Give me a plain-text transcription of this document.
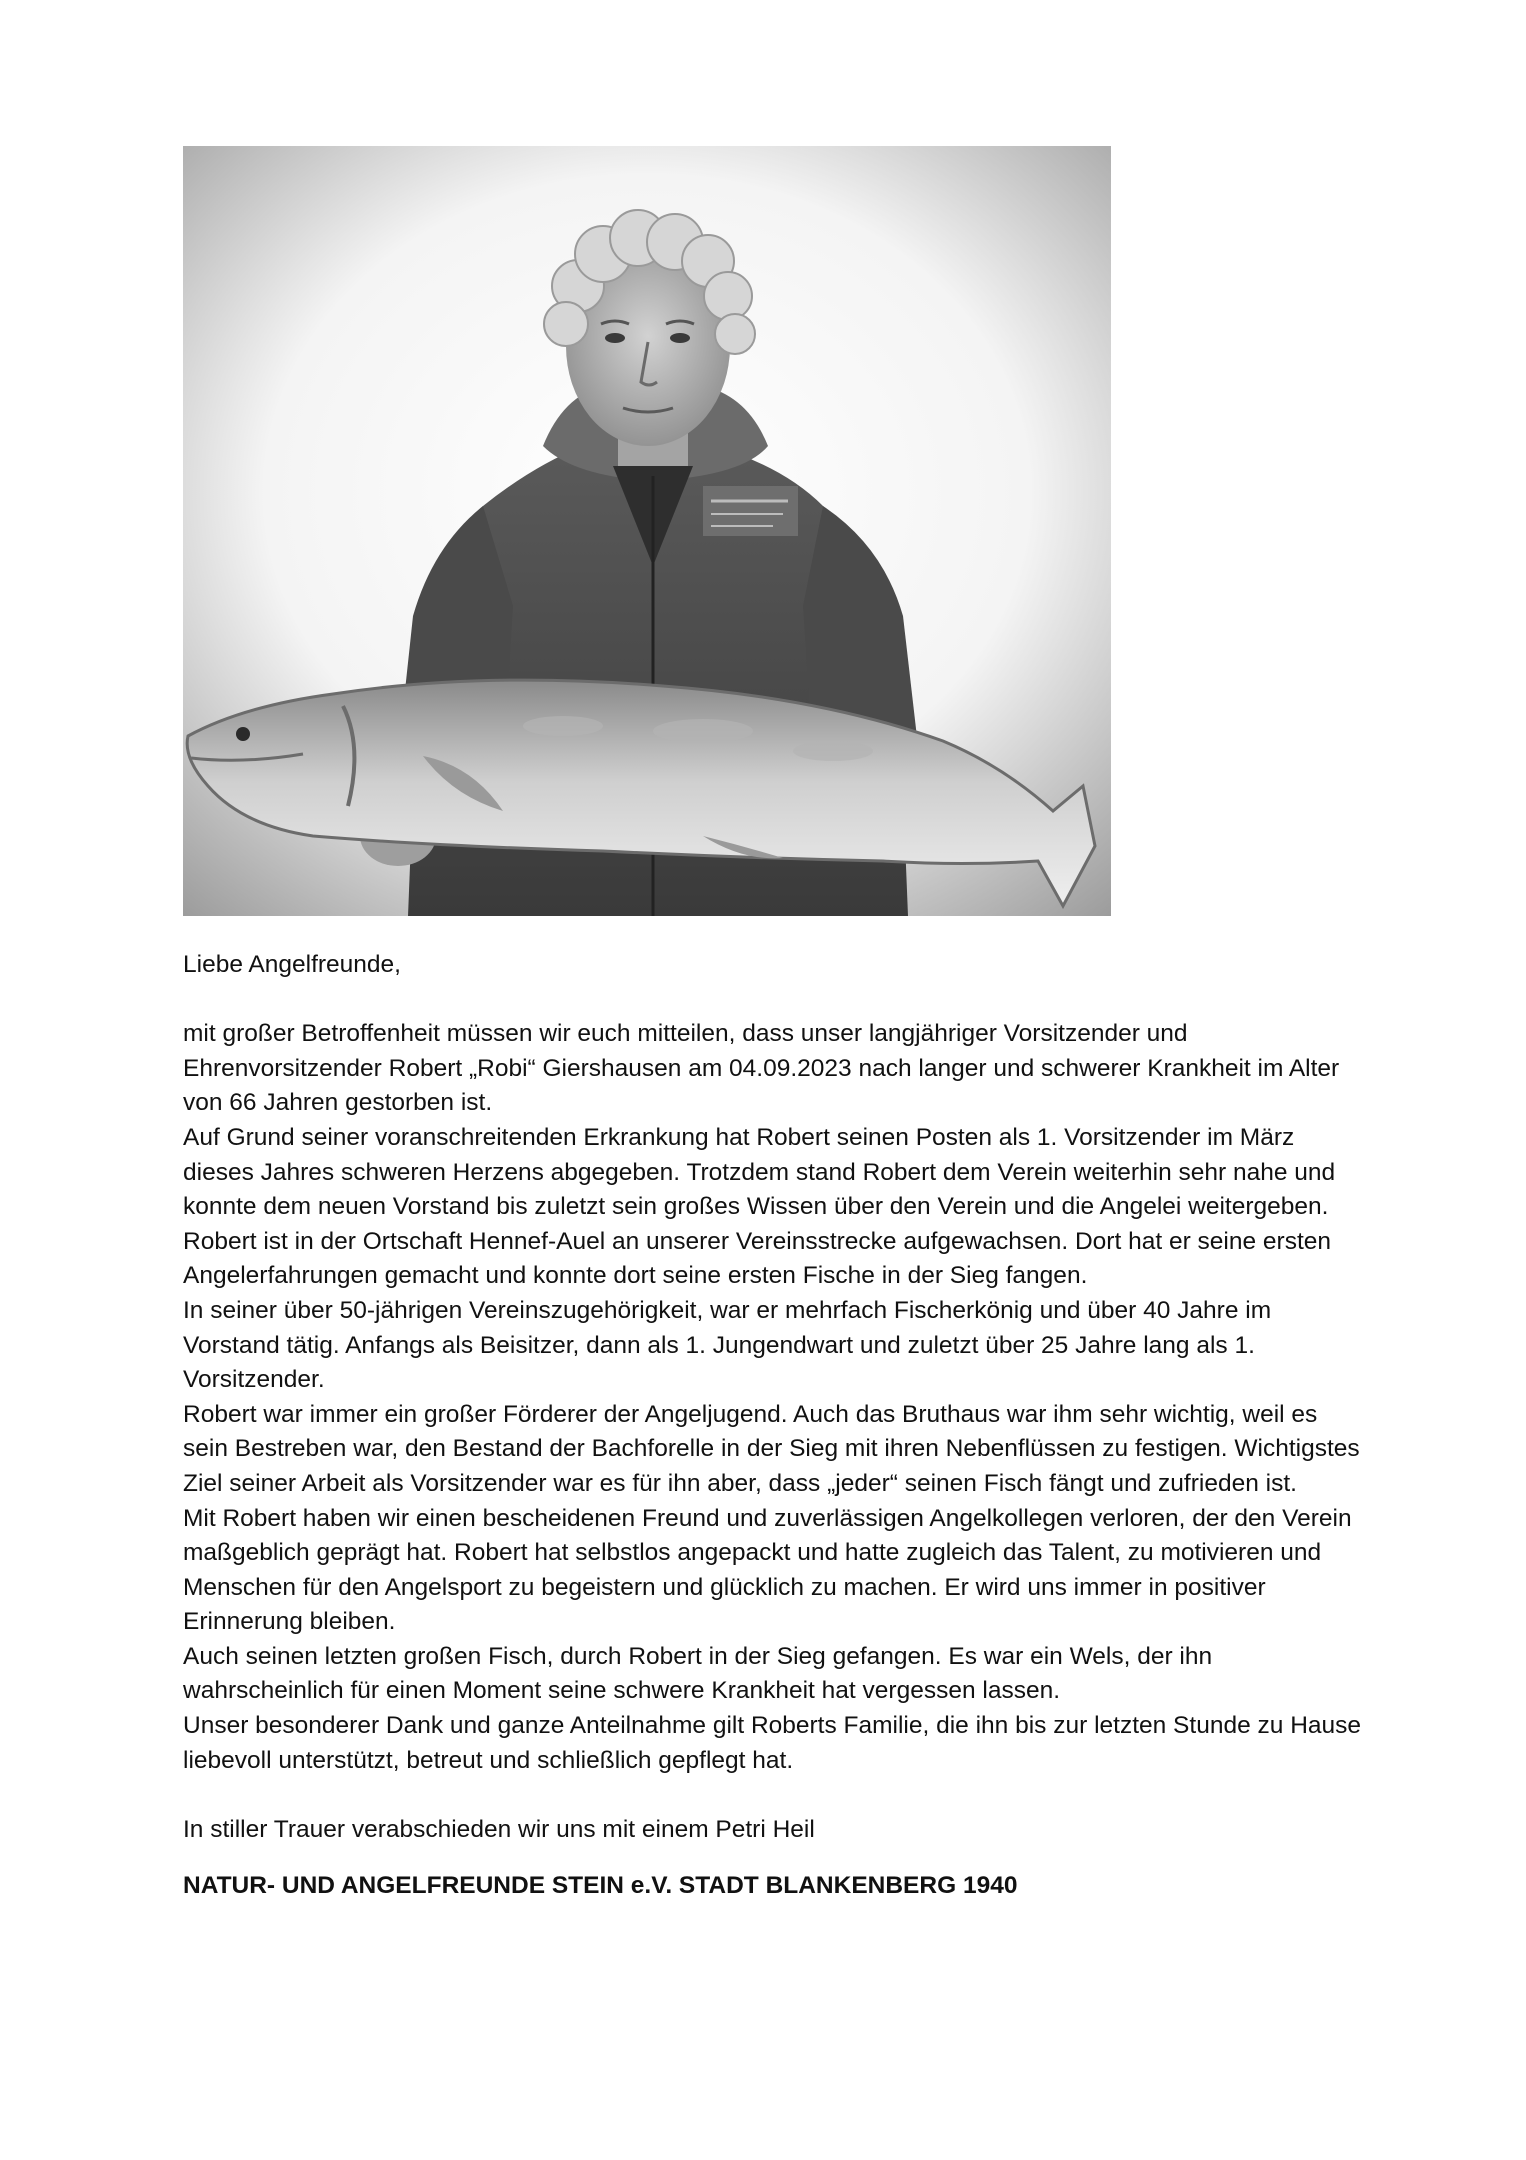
Liebe Angelfreunde,

mit großer Betroffenheit müssen wir euch mitteilen, dass unser langjähriger Vorsitzender und Ehrenvorsitzender Robert „Robi“ Giershausen am 04.09.2023 nach langer und schwerer Krankheit im Alter von 66 Jahren gestorben ist.

Auf Grund seiner voranschreitenden Erkrankung hat Robert seinen Posten als 1. Vorsitzender im März dieses Jahres schweren Herzens abgegeben. Trotzdem stand Robert dem Verein weiterhin sehr nahe und konnte dem neuen Vorstand bis zuletzt sein großes Wissen über den Verein und die Angelei weitergeben.

Robert ist in der Ortschaft Hennef-Auel an unserer Vereinsstrecke aufgewachsen. Dort hat er seine ersten Angelerfahrungen gemacht und konnte dort seine ersten Fische in der Sieg fangen.

In seiner über 50-jährigen Vereinszugehörigkeit, war er mehrfach Fischerkönig und über 40 Jahre im Vorstand tätig. Anfangs als Beisitzer, dann als 1. Jungendwart und zuletzt über 25 Jahre lang als 1. Vorsitzender.

Robert war immer ein großer Förderer der Angeljugend. Auch das Bruthaus war ihm sehr wichtig, weil es sein Bestreben war, den Bestand der Bachforelle in der Sieg mit ihren Nebenflüssen zu festigen. Wichtigstes Ziel seiner Arbeit als Vorsitzender war es für ihn aber, dass „jeder“ seinen Fisch fängt und zufrieden ist.

Mit Robert haben wir einen bescheidenen Freund und zuverlässigen Angelkollegen verloren, der den Verein maßgeblich geprägt hat. Robert hat selbstlos angepackt und hatte zugleich das Talent, zu motivieren und Menschen für den Angelsport zu begeistern und glücklich zu machen. Er wird uns immer in positiver Erinnerung bleiben.

Auch seinen letzten großen Fisch, durch Robert in der Sieg gefangen. Es war ein Wels, der ihn wahrscheinlich für einen Moment seine schwere Krankheit hat vergessen lassen.

Unser besonderer Dank und ganze Anteilnahme gilt Roberts Familie, die ihn bis zur letzten Stunde zu Hause liebevoll unterstützt, betreut und schließlich gepflegt hat.

In stiller Trauer verabschieden wir uns mit einem Petri Heil

NATUR- UND ANGELFREUNDE STEIN e.V. STADT BLANKENBERG 1940
